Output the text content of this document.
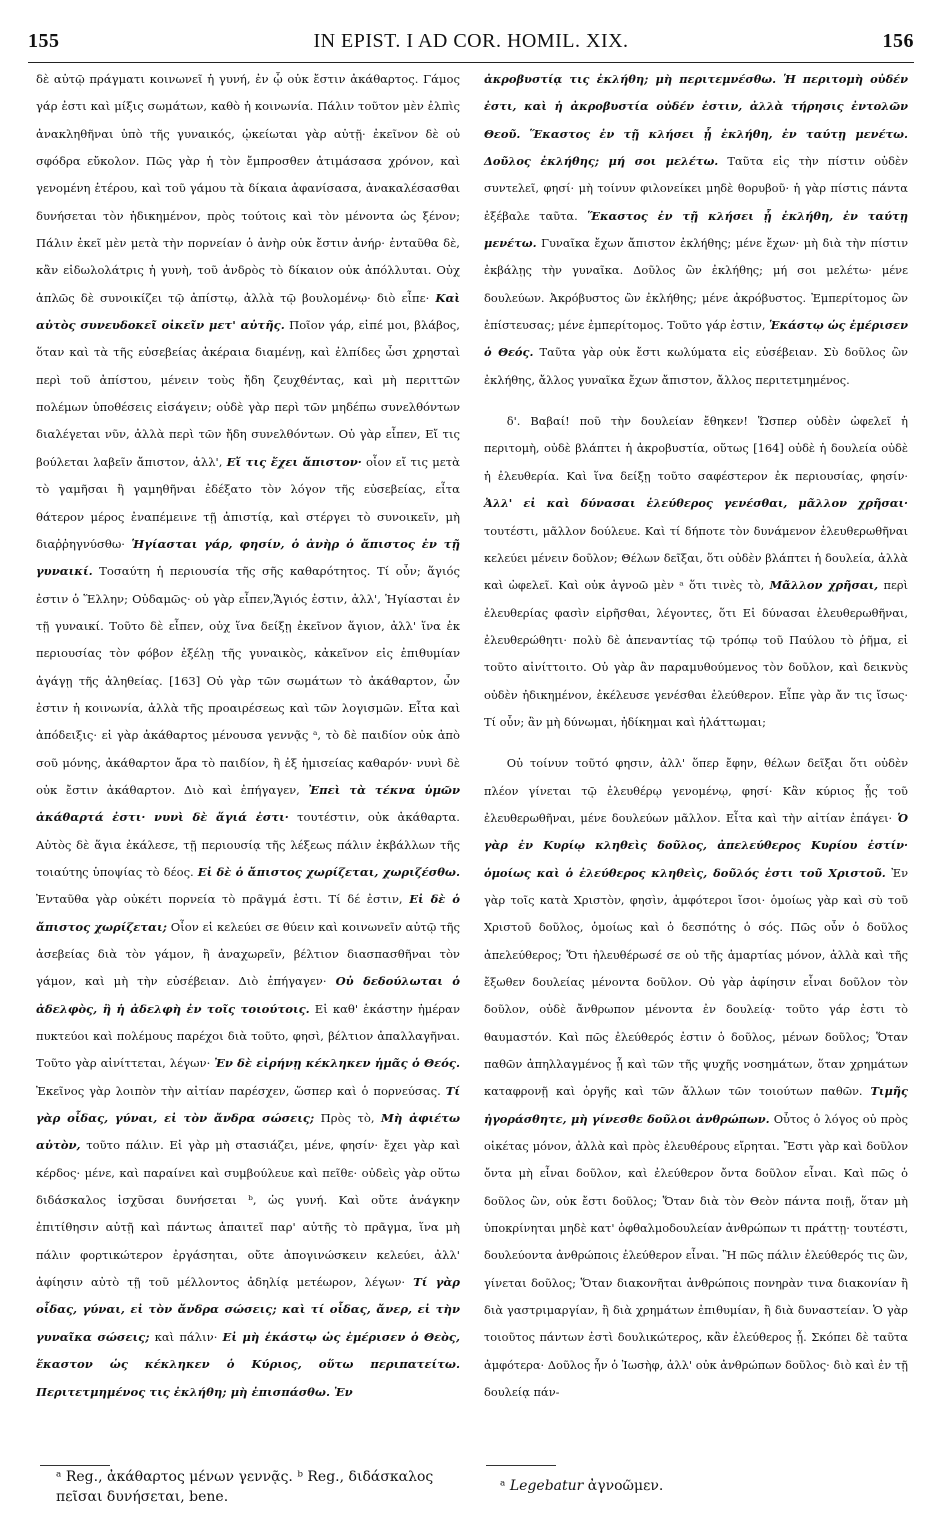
155	IN EPIST. I AD COR. HOMIL. XIX.	156

δὲ αὐτῷ πράγματι κοινωνεῖ ἡ γυνή, ἐν ᾧ οὐκ ἔστιν ἀκάθαρτος. Γάμος γάρ ἐστι καὶ μίξις σωμάτων, καθὸ ἡ κοινωνία. Πάλιν τοῦτον μὲν ἐλπὶς ἀνακληθῆναι ὑπὸ τῆς γυναικός, ᾠκείωται γὰρ αὐτῇ· ἐκεῖνον δὲ οὐ σφόδρα εὔκολον. Πῶς γὰρ ἡ τὸν ἔμπροσθεν ἀτιμάσασα χρόνον, καὶ γενομένη ἑτέρου, καὶ τοῦ γάμου τὰ δίκαια ἀφανίσασα, ἀνακαλέσασθαι δυνήσεται τὸν ἠδικημένον, πρὸς τούτοις καὶ τὸν μένοντα ὡς ξένον; Πάλιν ἐκεῖ μὲν μετὰ τὴν πορνείαν ὁ ἀνὴρ οὐκ ἔστιν ἀνήρ· ἐνταῦθα δὲ, κἂν εἰδωλολάτρις ἡ γυνὴ, τοῦ ἀνδρὸς τὸ δίκαιον οὐκ ἀπόλλυται. Οὐχ ἁπλῶς δὲ συνοικίζει τῷ ἀπίστῳ, ἀλλὰ τῷ βουλομένῳ· διὸ εἶπε· Καὶ αὐτὸς συνευδοκεῖ οἰκεῖν μετ' αὐτῆς. Ποῖον γάρ, εἰπέ μοι, βλάβος, ὅταν καὶ τὰ τῆς εὐσεβείας ἀκέραια διαμένῃ, καὶ ἐλπίδες ὦσι χρησταὶ περὶ τοῦ ἀπίστου, μένειν τοὺς ἤδη ζευχθέντας, καὶ μὴ περιττῶν πολέμων ὑποθέσεις εἰσάγειν; οὐδὲ γὰρ περὶ τῶν μηδέπω συνελθόντων διαλέγεται νῦν, ἀλλὰ περὶ τῶν ἤδη συνελθόντων. Οὐ γὰρ εἶπεν, Εἴ τις βούλεται λαβεῖν ἄπιστον, ἀλλ', Εἴ τις ἔχει ἄπιστον· οἷον εἴ τις μετὰ τὸ γαμῆσαι ἢ γαμηθῆναι ἐδέξατο τὸν λόγον τῆς εὐσεβείας, εἶτα θάτερον μέρος ἐναπέμεινε τῇ ἀπιστίᾳ, καὶ στέργει τὸ συνοικεῖν, μὴ διαῤῥηγνύσθω· Ἡγίασται γάρ, φησίν, ὁ ἀνὴρ ὁ ἄπιστος ἐν τῇ γυναικί. Τοσαύτη ἡ περιουσία τῆς σῆς καθαρότητος. Τί οὖν; ἅγιός ἐστιν ὁ Ἕλλην; Οὐδαμῶς· οὐ γὰρ εἶπεν,Ἅγιός ἐστιν, ἀλλ', Ἡγίασται ἐν τῇ γυναικί. Τοῦτο δὲ εἶπεν, οὐχ ἵνα δείξῃ ἐκεῖνον ἅγιον, ἀλλ' ἵνα ἐκ περιουσίας τὸν φόβον ἐξέλῃ τῆς γυναικὸς, κἀκεῖνον εἰς ἐπιθυμίαν ἀγάγῃ τῆς ἀληθείας. [163] Οὐ γὰρ τῶν σωμάτων τὸ ἀκάθαρτον, ὧν ἐστιν ἡ κοινωνία, ἀλλὰ τῆς προαιρέσεως καὶ τῶν λογισμῶν. Εἶτα καὶ ἀπόδειξις· εἰ γὰρ ἀκάθαρτος μένουσα γεννᾷς ᵃ, τὸ δὲ παιδίον οὐκ ἀπὸ σοῦ μόνης, ἀκάθαρτον ἄρα τὸ παιδίον, ἢ ἐξ ἡμισείας καθαρόν· νυνὶ δὲ οὐκ ἔστιν ἀκάθαρτον. Διὸ καὶ ἐπήγαγεν, Ἐπεὶ τὰ τέκνα ὑμῶν ἀκάθαρτά ἐστι· νυνὶ δὲ ἅγιά ἐστι· τουτέστιν, οὐκ ἀκάθαρτα. Αὐτὸς δὲ ἅγια ἐκάλεσε, τῇ περιουσίᾳ τῆς λέξεως πάλιν ἐκβάλλων τῆς τοιαύτης ὑποψίας τὸ δέος. Εἰ δὲ ὁ ἄπιστος χωρίζεται, χωριζέσθω. Ἐνταῦθα γὰρ οὐκέτι πορνεία τὸ πρᾶγμά ἐστι. Τί δέ ἐστιν, Εἰ δὲ ὁ ἄπιστος χωρίζεται; Οἷον εἰ κελεύει σε θύειν καὶ κοινωνεῖν αὐτῷ τῆς ἀσεβείας διὰ τὸν γάμον, ἢ ἀναχωρεῖν, βέλτιον διασπασθῆναι τὸν γάμον, καὶ μὴ τὴν εὐσέβειαν. Διὸ ἐπήγαγεν· Οὐ δεδούλωται ὁ ἀδελφὸς, ἢ ἡ ἀδελφὴ ἐν τοῖς τοιούτοις. Εἰ καθ' ἑκάστην ἡμέραν πυκτεύοι καὶ πολέμους παρέχοι διὰ τοῦτο, φησὶ, βέλτιον ἀπαλλαγῆναι. Τοῦτο γὰρ αἰνίττεται, λέγων· Ἐν δὲ εἰρήνῃ κέκληκεν ἡμᾶς ὁ Θεός. Ἐκεῖνος γὰρ λοιπὸν τὴν αἰτίαν παρέσχεν, ὥσπερ καὶ ὁ πορνεύσας. Τί γὰρ οἶδας, γύναι, εἰ τὸν ἄνδρα σώσεις; Πρὸς τὸ, Μὴ ἀφιέτω αὐτὸν, τοῦτο πάλιν. Εἰ γὰρ μὴ στασιάζει, μένε, φησίν· ἔχει γὰρ καὶ κέρδος· μένε, καὶ παραίνει καὶ συμβούλευε καὶ πεῖθε· οὐδεὶς γὰρ οὕτω διδάσκαλος ἰσχῦσαι δυνήσεται ᵇ, ὡς γυνή. Καὶ οὔτε ἀνάγκην ἐπιτίθησιν αὐτῇ καὶ πάντως ἀπαιτεῖ παρ' αὐτῆς τὸ πρᾶγμα, ἵνα μὴ πάλιν φορτικώτερον ἐργάσηται, οὔτε ἀπογινώσκειν κελεύει, ἀλλ' ἀφίησιν αὐτὸ τῇ τοῦ μέλλοντος ἀδηλίᾳ μετέωρον, λέγων· Τί γὰρ οἶδας, γύναι, εἰ τὸν ἄνδρα σώσεις; καὶ τί οἶδας, ἄνερ, εἰ τὴν γυναῖκα σώσεις; καὶ πάλιν· Εἰ μὴ ἑκάστῳ ὡς ἐμέρισεν ὁ Θεὸς, ἕκαστον ὡς κέκληκεν ὁ Κύριος, οὕτω περιπατείτω. Περιτετμημένος τις ἐκλήθη; μὴ ἐπισπάσθω. Ἐν

ἀκροβυστίᾳ τις ἐκλήθη; μὴ περιτεμνέσθω. Ἡ περιτομὴ οὐδέν ἐστι, καὶ ἡ ἀκροβυστία οὐδέν ἐστιν, ἀλλὰ τήρησις ἐντολῶν Θεοῦ. Ἕκαστος ἐν τῇ κλήσει ᾗ ἐκλήθη, ἐν ταύτῃ μενέτω. Δοῦλος ἐκλήθης; μή σοι μελέτω. Ταῦτα εἰς τὴν πίστιν οὐδὲν συντελεῖ, φησί· μὴ τοίνυν φιλονείκει μηδὲ θορυβοῦ· ἡ γὰρ πίστις πάντα ἐξέβαλε ταῦτα. Ἕκαστος ἐν τῇ κλήσει ᾗ ἐκλήθη, ἐν ταύτῃ μενέτω. Γυναῖκα ἔχων ἄπιστον ἐκλήθης; μένε ἔχων· μὴ διὰ τὴν πίστιν ἐκβάλῃς τὴν γυναῖκα. Δοῦλος ὢν ἐκλήθης; μή σοι μελέτω· μένε δουλεύων. Ἀκρόβυστος ὢν ἐκλήθης; μένε ἀκρόβυστος. Ἐμπερίτομος ὢν ἐπίστευσας; μένε ἐμπερίτομος. Τοῦτο γάρ ἐστιν, Ἑκάστῳ ὡς ἐμέρισεν ὁ Θεός. Ταῦτα γὰρ οὐκ ἔστι κωλύματα εἰς εὐσέβειαν. Σὺ δοῦλος ὢν ἐκλήθης, ἄλλος γυναῖκα ἔχων ἄπιστον, ἄλλος περιτετμημένος.

δ'. Βαβαί! ποῦ τὴν δουλείαν ἔθηκεν! Ὥσπερ οὐδὲν ὠφελεῖ ἡ περιτομὴ, οὐδὲ βλάπτει ἡ ἀκροβυστία, οὕτως [164] οὐδὲ ἡ δουλεία οὐδὲ ἡ ἐλευθερία. Καὶ ἵνα δείξῃ τοῦτο σαφέστερον ἐκ περιουσίας, φησίν· Ἀλλ' εἰ καὶ δύνασαι ἐλεύθερος γενέσθαι, μᾶλλον χρῆσαι· τουτέστι, μᾶλλον δούλευε. Καὶ τί δήποτε τὸν δυνάμενον ἐλευθερωθῆναι κελεύει μένειν δοῦλον; Θέλων δεῖξαι, ὅτι οὐδὲν βλάπτει ἡ δουλεία, ἀλλὰ καὶ ὠφελεῖ. Καὶ οὐκ ἀγνοῶ μὲν ᵃ ὅτι τινὲς τὸ, Μᾶλλον χρῆσαι, περὶ ἐλευθερίας φασὶν εἰρῆσθαι, λέγοντες, ὅτι Εἰ δύνασαι ἐλευθερωθῆναι, ἐλευθερώθητι· πολὺ δὲ ἀπεναντίας τῷ τρόπῳ τοῦ Παύλου τὸ ῥῆμα, εἰ τοῦτο αἰνίττοιτο. Οὐ γὰρ ἂν παραμυθούμενος τὸν δοῦλον, καὶ δεικνὺς οὐδὲν ἠδικημένον, ἐκέλευσε γενέσθαι ἐλεύθερον. Εἶπε γὰρ ἄν τις ἴσως· Τί οὖν; ἂν μὴ δύνωμαι, ἠδίκημαι καὶ ἠλάττωμαι;

Οὐ τοίνυν τοῦτό φησιν, ἀλλ' ὅπερ ἔφην, θέλων δεῖξαι ὅτι οὐδὲν πλέον γίνεται τῷ ἐλευθέρῳ γενομένῳ, φησί· Κἂν κύριος ᾖς τοῦ ἐλευθερωθῆναι, μένε δουλεύων μᾶλλον. Εἶτα καὶ τὴν αἰτίαν ἐπάγει· Ὁ γὰρ ἐν Κυρίῳ κληθεὶς δοῦλος, ἀπελεύθερος Κυρίου ἐστίν· ὁμοίως καὶ ὁ ἐλεύθερος κληθεὶς, δοῦλός ἐστι τοῦ Χριστοῦ. Ἐν γὰρ τοῖς κατὰ Χριστὸν, φησὶν, ἀμφότεροι ἴσοι· ὁμοίως γὰρ καὶ σὺ τοῦ Χριστοῦ δοῦλος, ὁμοίως καὶ ὁ δεσπότης ὁ σός. Πῶς οὖν ὁ δοῦλος ἀπελεύθερος; Ὅτι ἠλευθέρωσέ σε οὐ τῆς ἁμαρτίας μόνον, ἀλλὰ καὶ τῆς ἔξωθεν δουλείας μένοντα δοῦλον. Οὐ γὰρ ἀφίησιν εἶναι δοῦλον τὸν δοῦλον, οὐδὲ ἄνθρωπον μένοντα ἐν δουλείᾳ· τοῦτο γάρ ἐστι τὸ θαυμαστόν. Καὶ πῶς ἐλεύθερός ἐστιν ὁ δοῦλος, μένων δοῦλος; Ὅταν παθῶν ἀπηλλαγμένος ᾖ καὶ τῶν τῆς ψυχῆς νοσημάτων, ὅταν χρημάτων καταφρονῇ καὶ ὀργῆς καὶ τῶν ἄλλων τῶν τοιούτων παθῶν. Τιμῆς ἠγοράσθητε, μὴ γίνεσθε δοῦλοι ἀνθρώπων. Οὗτος ὁ λόγος οὐ πρὸς οἰκέτας μόνον, ἀλλὰ καὶ πρὸς ἐλευθέρους εἴρηται. Ἔστι γὰρ καὶ δοῦλον ὄντα μὴ εἶναι δοῦλον, καὶ ἐλεύθερον ὄντα δοῦλον εἶναι. Καὶ πῶς ὁ δοῦλος ὢν, οὐκ ἔστι δοῦλος; Ὅταν διὰ τὸν Θεὸν πάντα ποιῇ, ὅταν μὴ ὑποκρίνηται μηδὲ κατ' ὀφθαλμοδουλείαν ἀνθρώπων τι πράττῃ· τουτέστι, δουλεύοντα ἀνθρώποις ἐλεύθερον εἶναι. Ἢ πῶς πάλιν ἐλεύθερός τις ὢν, γίνεται δοῦλος; Ὅταν διακονῆται ἀνθρώποις πονηρὰν τινα διακονίαν ἢ διὰ γαστριμαργίαν, ἢ διὰ χρημάτων ἐπιθυμίαν, ἢ διὰ δυναστείαν. Ὁ γὰρ τοιοῦτος πάντων ἐστὶ δουλικώτερος, κἂν ἐλεύθερος ᾖ. Σκόπει δὲ ταῦτα ἀμφότερα· Δοῦλος ἦν ὁ Ἰωσὴφ, ἀλλ' οὐκ ἀνθρώπων δοῦλος· διὸ καὶ ἐν τῇ δουλείᾳ πάν-

ᵃ Reg., ἀκάθαρτος μένων γεννᾷς. ᵇ Reg., διδάσκαλος πεῖσαι δυνήσεται, bene.
ᵃ Legebatur ἀγνοῶμεν.
